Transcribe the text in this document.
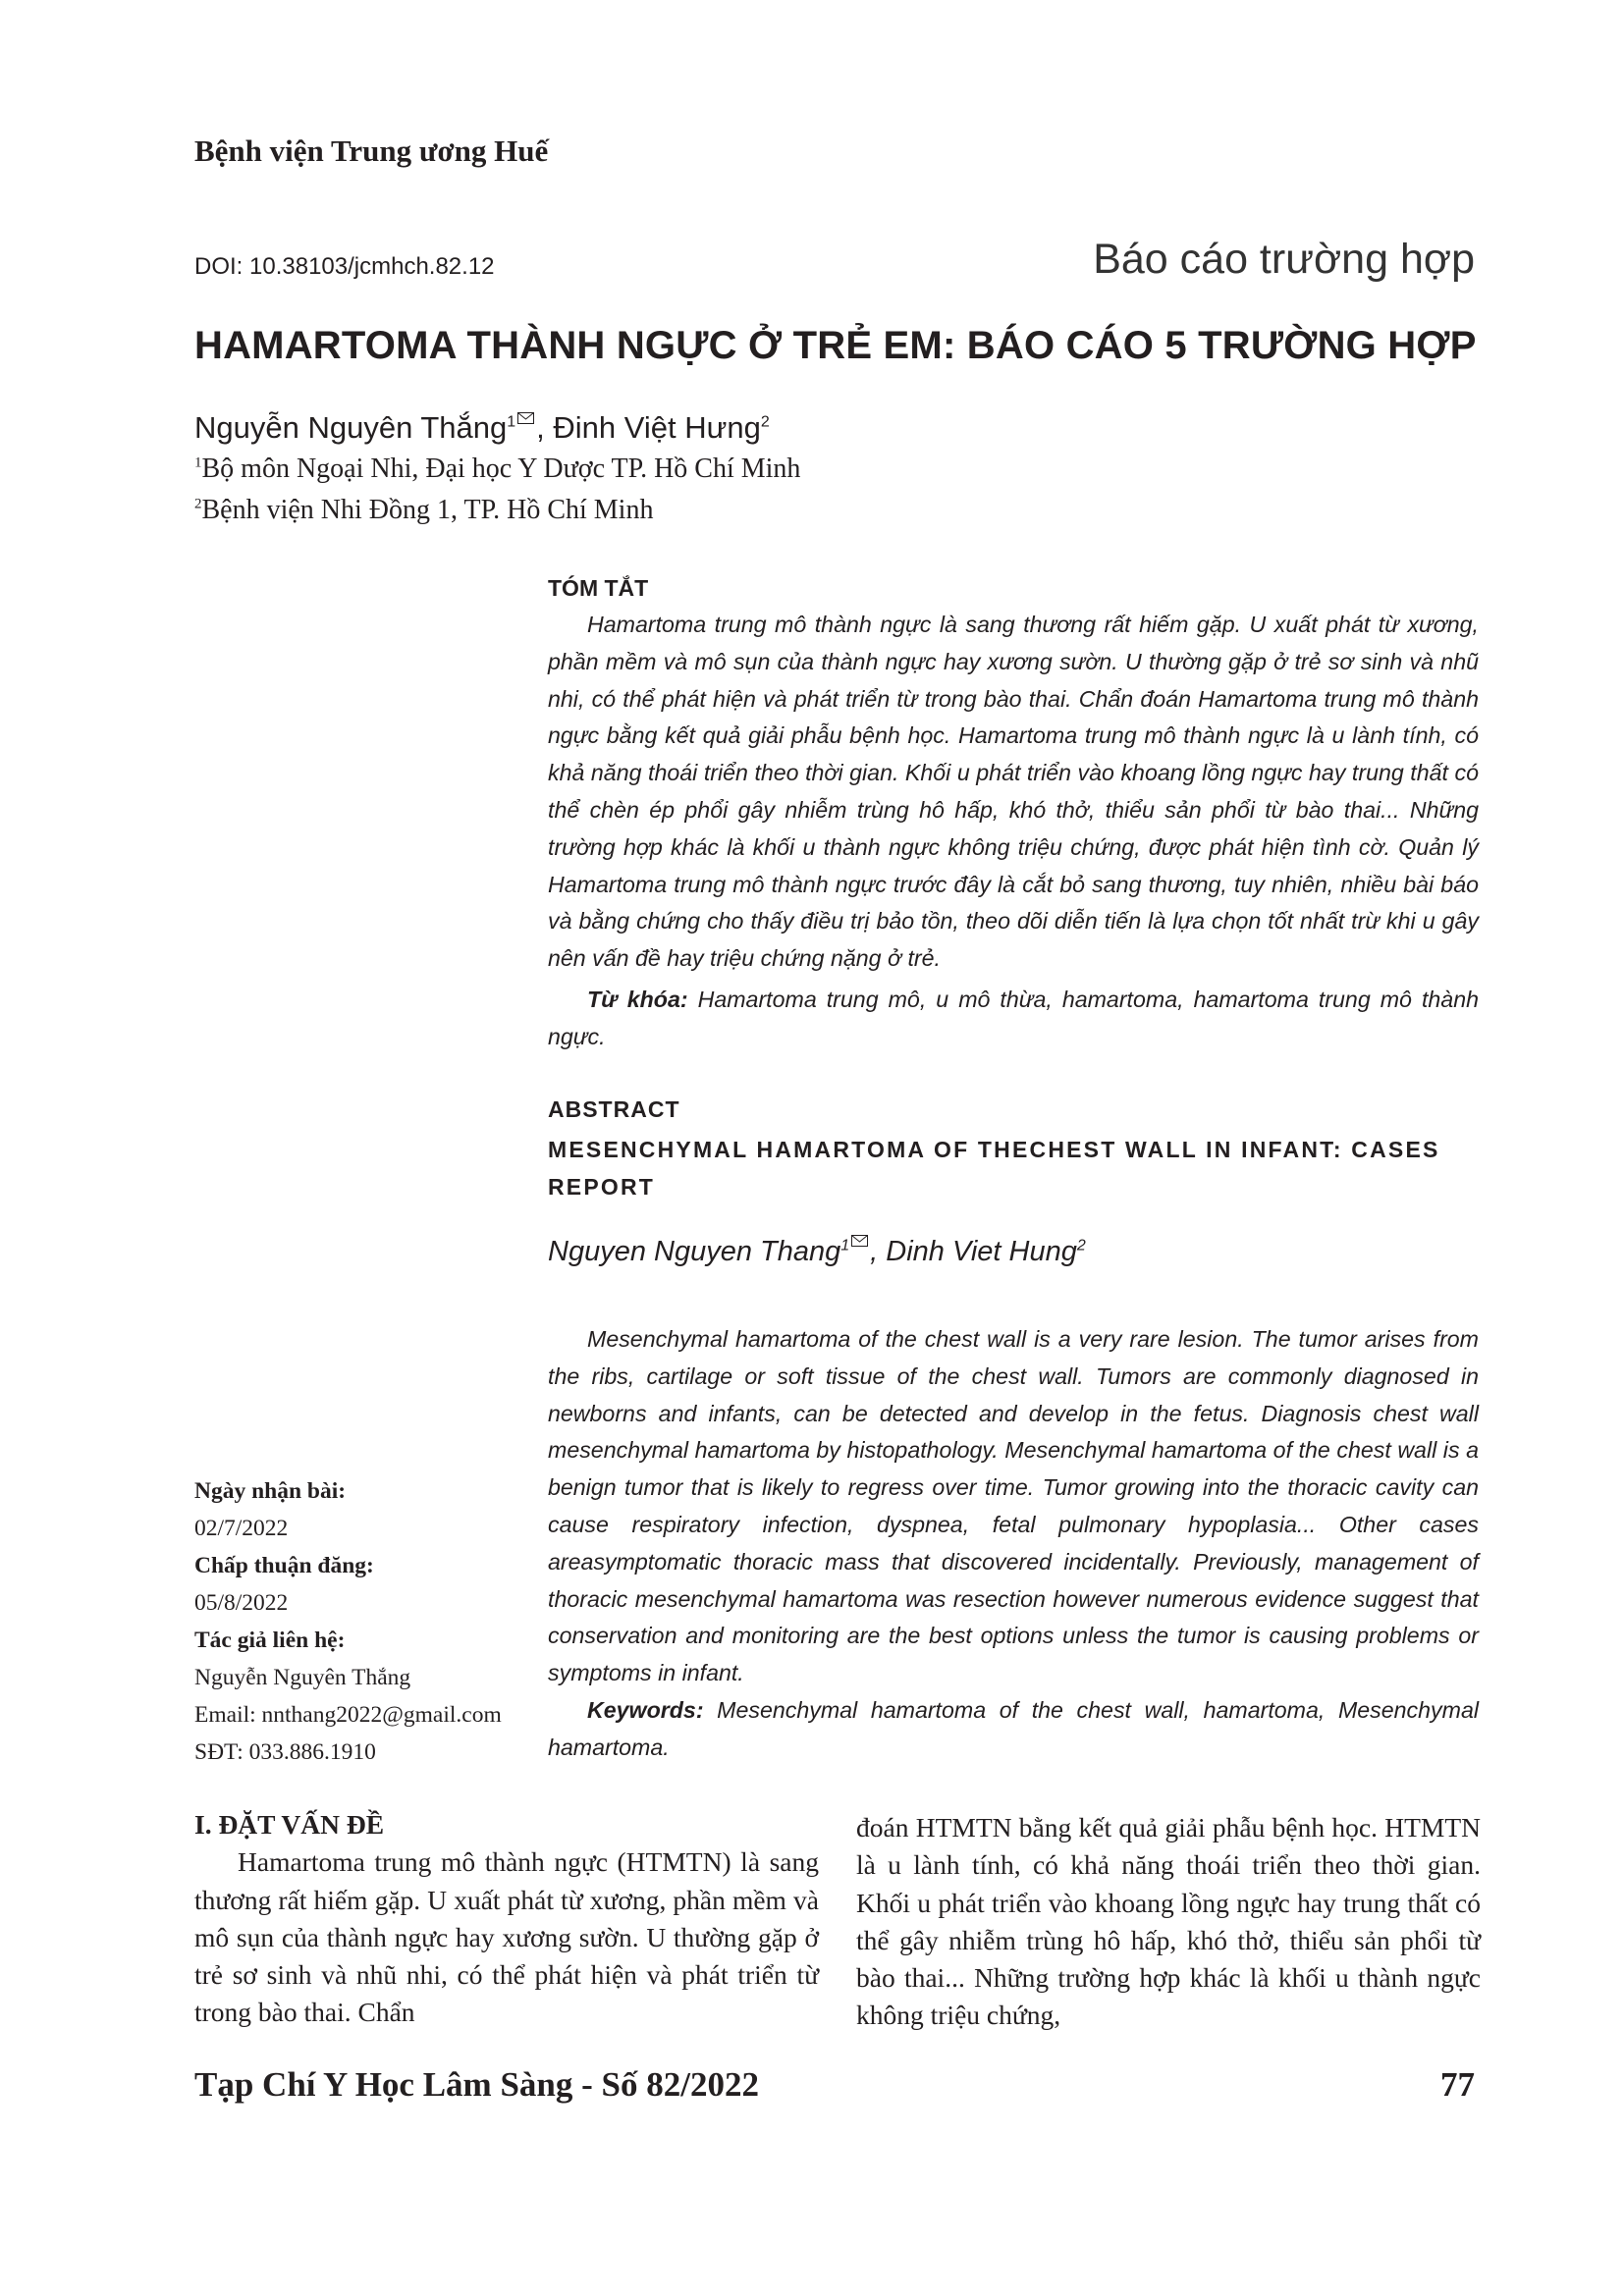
Bệnh viện Trung ương Huế
DOI: 10.38103/jcmhch.82.12	Báo cáo trường hợp
HAMARTOMA THÀNH NGỰC Ở TRẺ EM: BÁO CÁO 5 TRƯỜNG HỢP
Nguyễn Nguyên Thắng$^1$ , Đinh Việt Hưng$^2$
$^1$Bộ môn Ngoại Nhi, Đại học Y Dược TP. Hồ Chí Minh
$^2$Bệnh viện Nhi Đồng 1, TP. Hồ Chí Minh
TÓM TẮT

Hamartoma trung mô thành ngực là sang thương rất hiếm gặp. U xuất phát từ xương, phần mềm và mô sụn của thành ngực hay xương sườn. U thường gặp ở trẻ sơ sinh và nhũ nhi, có thể phát hiện và phát triển từ trong bào thai. Chẩn đoán Hamartoma trung mô thành ngực bằng kết quả giải phẫu bệnh học. Hamartoma trung mô thành ngực là u lành tính, có khả năng thoái triển theo thời gian. Khối u phát triển vào khoang lồng ngực hay trung thất có thể chèn ép phổi gây nhiễm trùng hô hấp, khó thở, thiểu sản phổi từ bào thai... Những trường hợp khác là khối u thành ngực không triệu chứng, được phát hiện tình cờ. Quản lý Hamartoma trung mô thành ngực trước đây là cắt bỏ sang thương, tuy nhiên, nhiều bài báo và bằng chứng cho thấy điều trị bảo tồn, theo dõi diễn tiến là lựa chọn tốt nhất trừ khi u gây nên vấn đề hay triệu chứng nặng ở trẻ.

Từ khóa: Hamartoma trung mô, u mô thừa, hamartoma, hamartoma trung mô thành ngực.

ABSTRACT
MESENCHYMAL HAMARTOMA OF THECHEST WALL IN INFANT: CASES REPORT
Nguyen Nguyen Thang$^1$ , Dinh Viet Hung$^2$

Mesenchymal hamartoma of the chest wall is a very rare lesion. The tumor arises from the ribs, cartilage or soft tissue of the chest wall. Tumors are commonly diagnosed in newborns and infants, can be detected and develop in the fetus. Diagnosis chest wall mesenchymal hamartoma by histopathology. Mesenchymal hamartoma of the chest wall is a benign tumor that is likely to regress over time. Tumor growing into the thoracic cavity can cause respiratory infection, dyspnea, fetal pulmonary hypoplasia... Other cases areasymptomatic thoracic mass that discovered incidentally. Previously, management of thoracic mesenchymal hamartoma was resection however numerous evidence suggest that conservation and monitoring are the best options unless the tumor is causing problems or symptoms in infant.

Keywords: Mesenchymal hamartoma of the chest wall, hamartoma, Mesenchymal hamartoma.

Ngày nhận bài:
02/7/2022
Chấp thuận đăng:
05/8/2022
Tác giả liên hệ:
Nguyễn Nguyên Thắng
Email: nnthang2022@gmail.com
SĐT: 033.886.1910
I. ĐẶT VẤN ĐỀ

Hamartoma trung mô thành ngực (HTMTN) là sang thương rất hiếm gặp. U xuất phát từ xương, phần mềm và mô sụn của thành ngực hay xương sườn. U thường gặp ở trẻ sơ sinh và nhũ nhi, có thể phát hiện và phát triển từ trong bào thai. Chẩn

đoán HTMTN bằng kết quả giải phẫu bệnh học. HTMTN là u lành tính, có khả năng thoái triển theo thời gian. Khối u phát triển vào khoang lồng ngực hay trung thất có thể gây nhiễm trùng hô hấp, khó thở, thiểu sản phổi từ bào thai... Những trường hợp khác là khối u thành ngực không triệu chứng,

Tạp Chí Y Học Lâm Sàng - Số 82/2022	77
